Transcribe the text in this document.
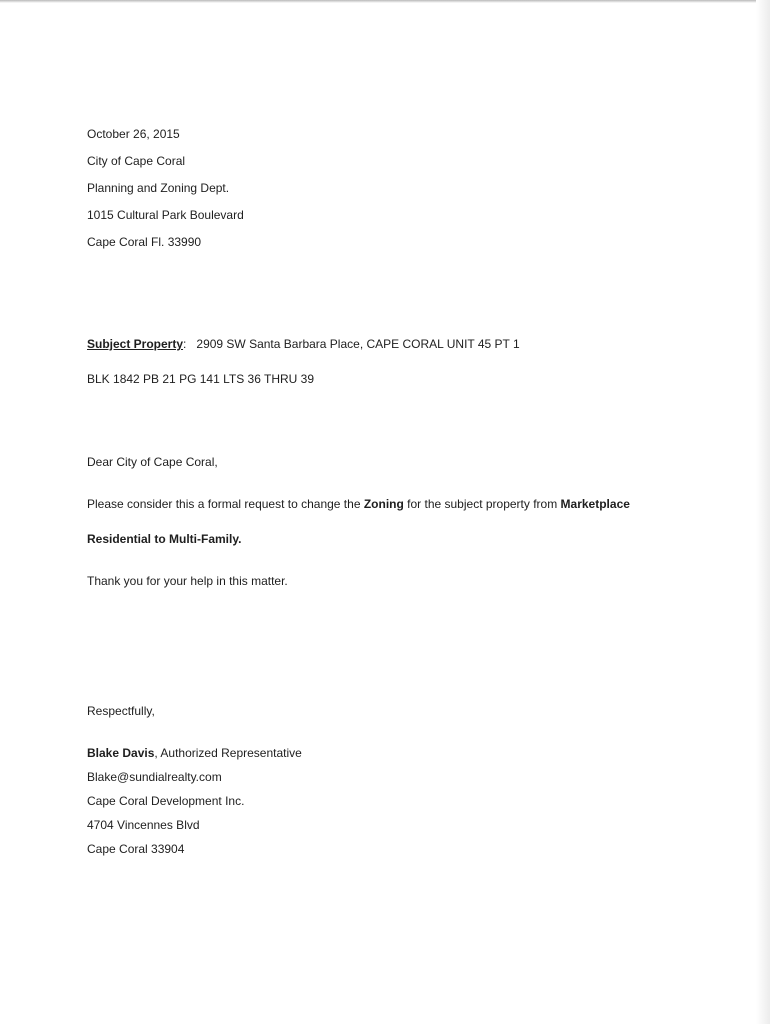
October 26, 2015
City of Cape Coral
Planning and Zoning Dept.
1015 Cultural Park Boulevard
Cape Coral Fl. 33990
Subject Property: 2909 SW Santa Barbara Place, CAPE CORAL UNIT 45 PT 1
BLK 1842 PB 21 PG 141 LTS 36 THRU 39
Dear City of Cape Coral,
Please consider this a formal request to change the Zoning for the subject property from Marketplace
Residential to Multi-Family.
Thank you for your help in this matter.
Respectfully,
Blake Davis, Authorized Representative
Blake@sundialrealty.com
Cape Coral Development Inc.
4704 Vincennes Blvd
Cape Coral 33904
